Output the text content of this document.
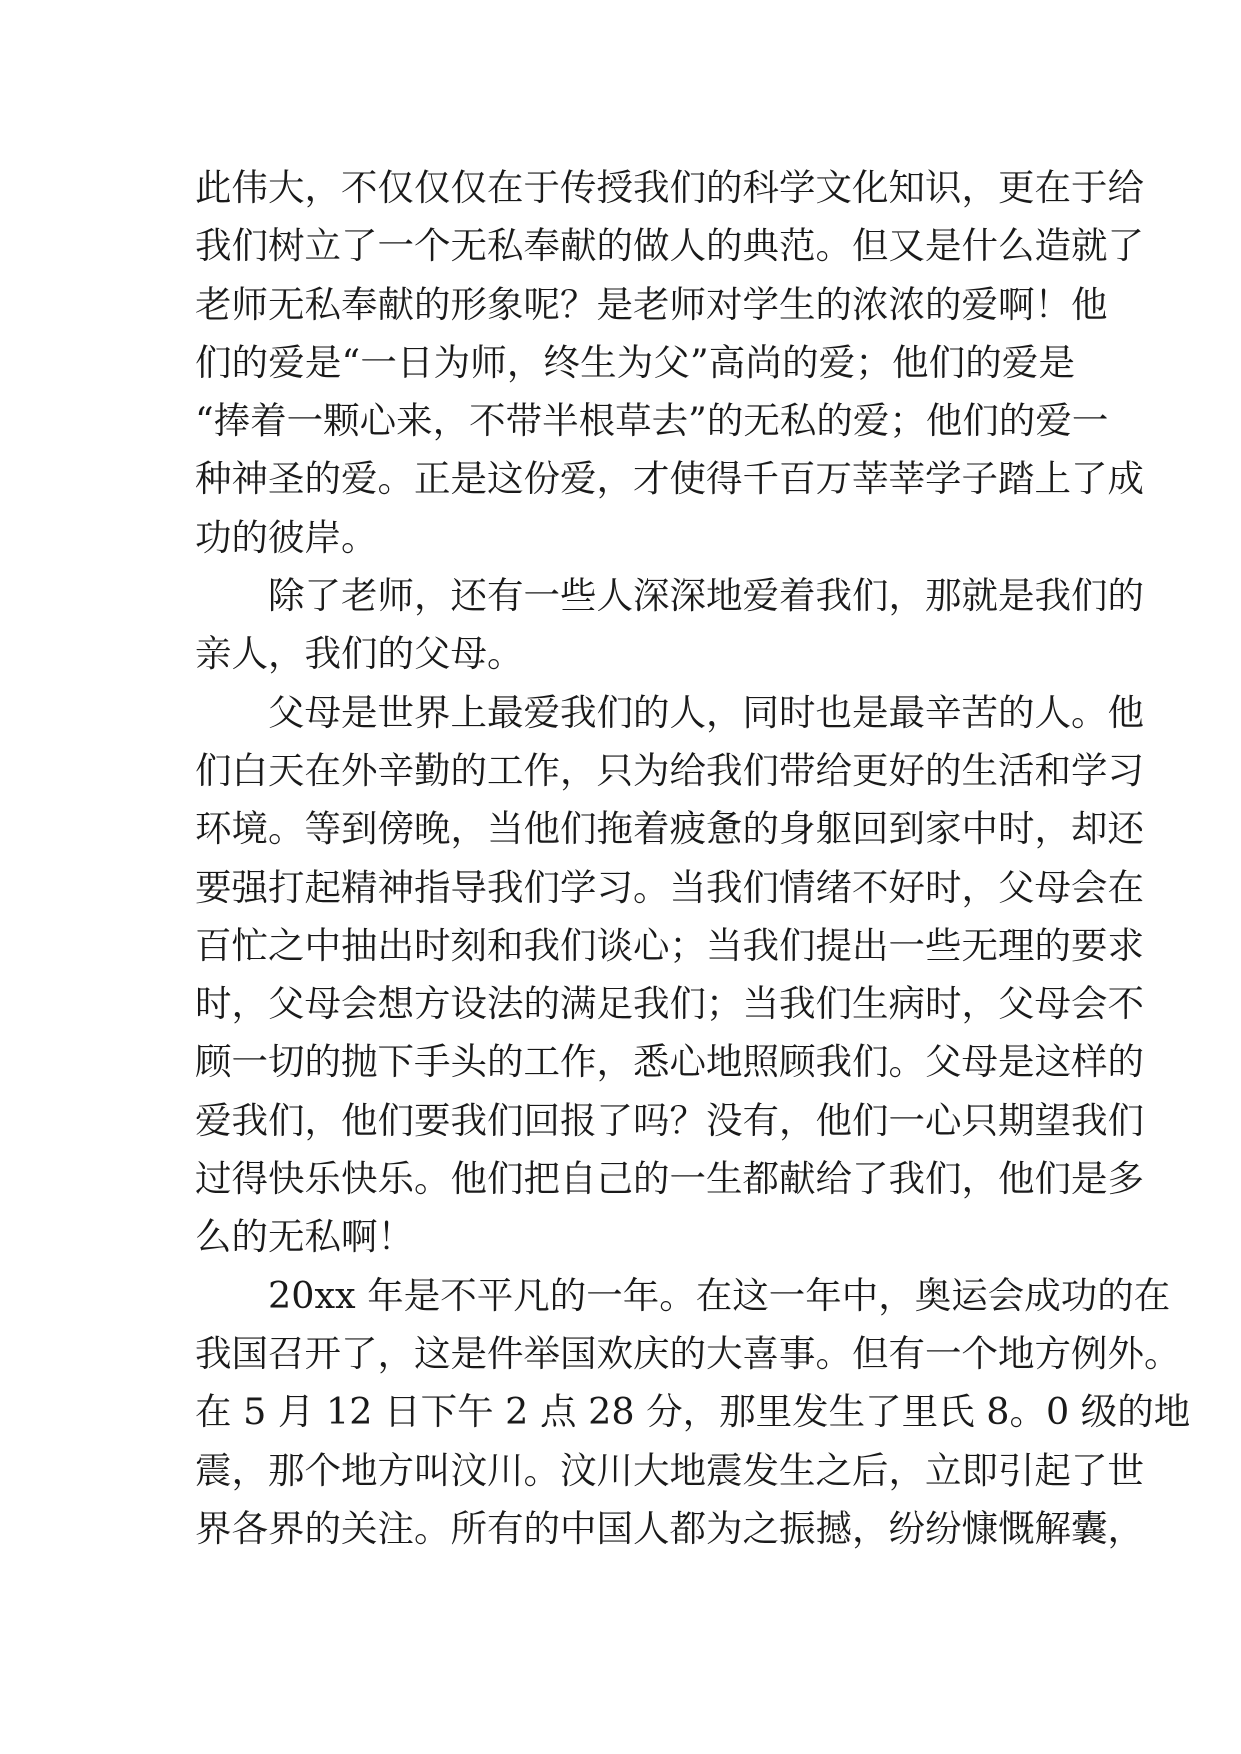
此伟大，不仅仅仅在于传授我们的科学文化知识，更在于给
我们树立了一个无私奉献的做人的典范。但又是什么造就了
老师无私奉献的形象呢？是老师对学生的浓浓的爱啊！他
们的爱是“一日为师，终生为父”高尚的爱；他们的爱是
“捧着一颗心来，不带半根草去”的无私的爱；他们的爱一
种神圣的爱。正是这份爱，才使得千百万莘莘学子踏上了成
功的彼岸。
除了老师，还有一些人深深地爱着我们，那就是我们的
亲人，我们的父母。
父母是世界上最爱我们的人，同时也是最辛苦的人。他
们白天在外辛勤的工作，只为给我们带给更好的生活和学习
环境。等到傍晚，当他们拖着疲惫的身躯回到家中时，却还
要强打起精神指导我们学习。当我们情绪不好时，父母会在
百忙之中抽出时刻和我们谈心；当我们提出一些无理的要求
时，父母会想方设法的满足我们；当我们生病时，父母会不
顾一切的抛下手头的工作，悉心地照顾我们。父母是这样的
爱我们，他们要我们回报了吗？没有，他们一心只期望我们
过得快乐快乐。他们把自己的一生都献给了我们，他们是多
么的无私啊！
20xx 年是不平凡的一年。在这一年中，奥运会成功的在
我国召开了，这是件举国欢庆的大喜事。但有一个地方例外。
在 5 月 12 日下午 2 点 28 分，那里发生了里氏 8。0 级的地
震，那个地方叫汶川。汶川大地震发生之后，立即引起了世
界各界的关注。所有的中国人都为之振撼，纷纷慷慨解囊，
